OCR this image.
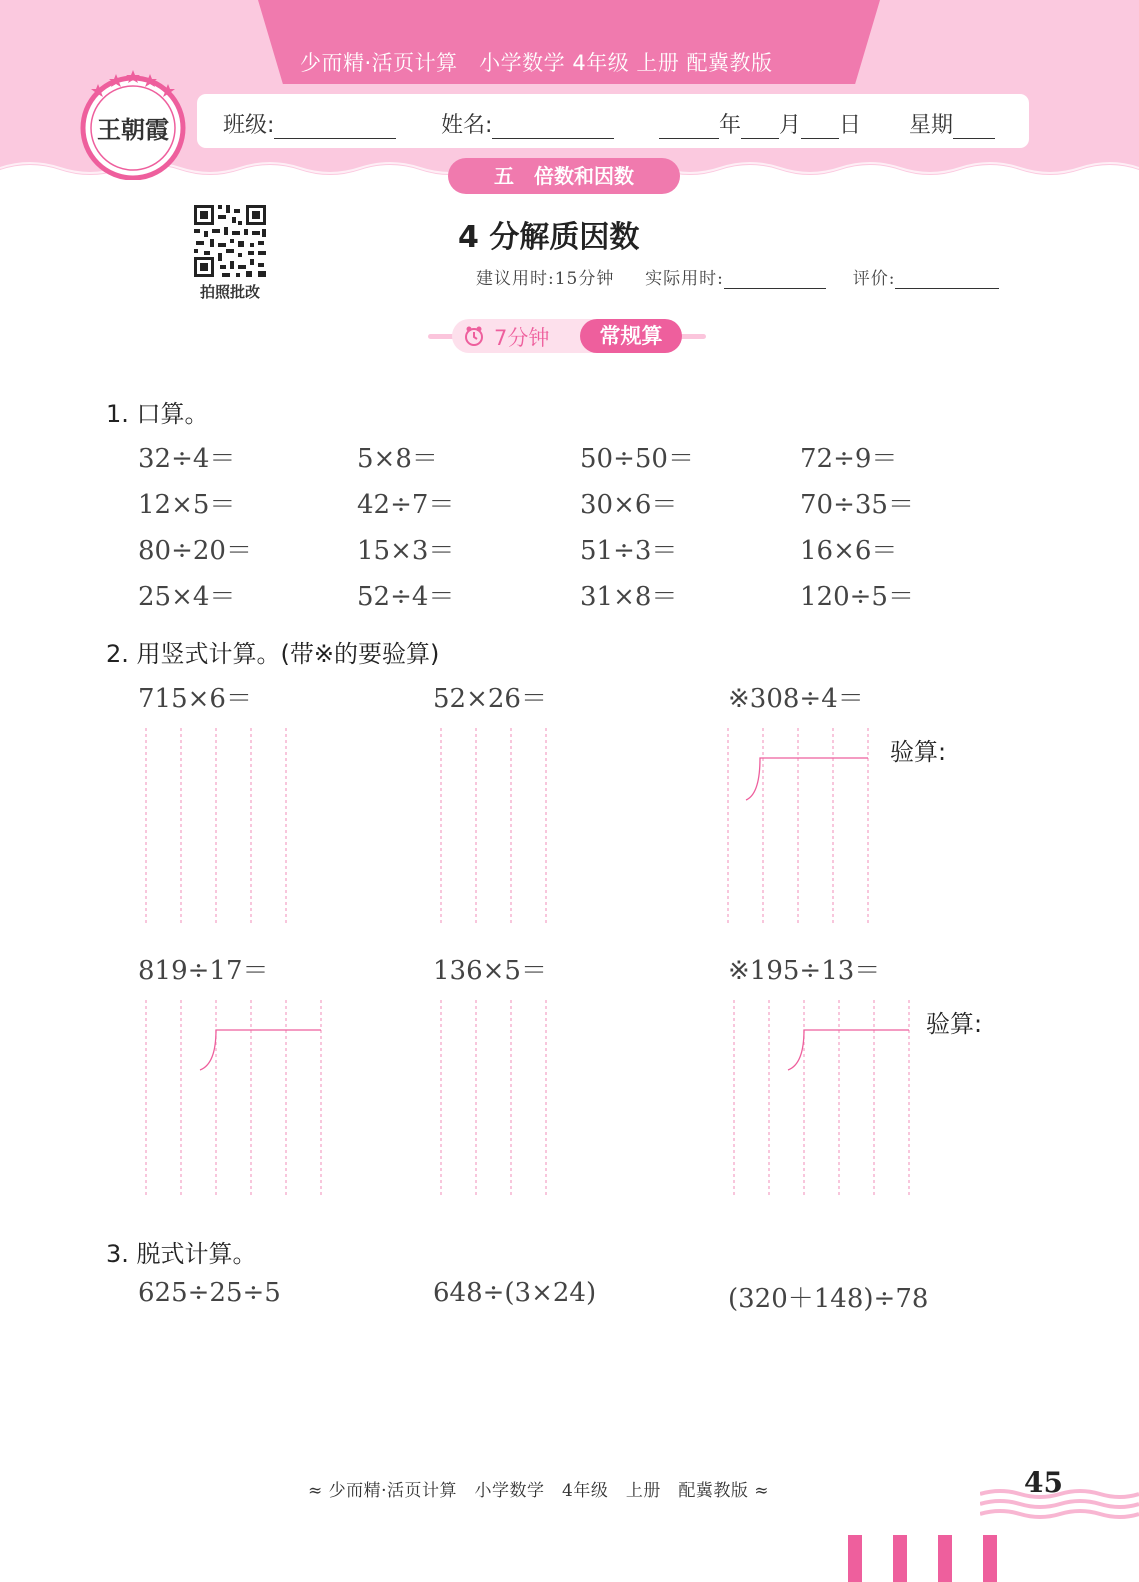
少而精·活页计算　小学数学 4年级 上册 配冀教版
班级:	姓名:	年 月 日 星期
五　倍数和因数
王朝霞
拍照批改
4 分解质因数
建议用时:15分钟 实际用时:	评价:
7分钟	常规算
1. 口算。
32÷4＝	5×8＝	50÷50＝	72÷9＝
12×5＝	42÷7＝	30×6＝	70÷35＝
80÷20＝	15×3＝	51÷3＝	16×6＝
25×4＝	52÷4＝	31×8＝	120÷5＝
2. 用竖式计算。(带※的要验算)
715×6＝	52×26＝	※308÷4＝
验算:
819÷17＝	136×5＝	※195÷13＝
验算:
3. 脱式计算。
625÷25÷5	648÷(3×24)	(320＋148)÷78
≈ 少而精·活页计算　小学数学　4年级　上册　配冀教版 ≈	45
